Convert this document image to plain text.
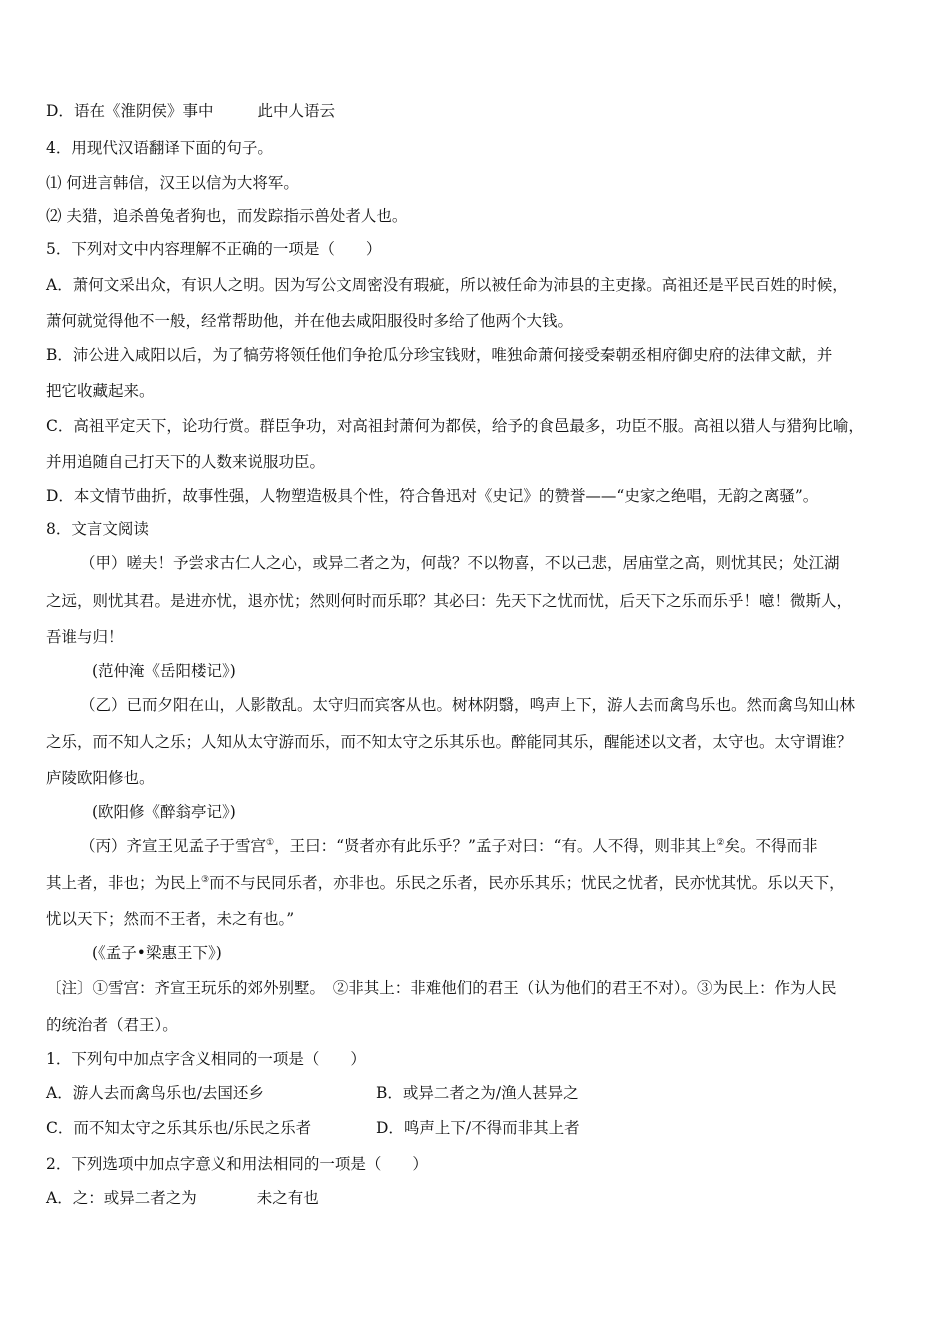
D．语在《淮阴侯》事中	此中人语云
4．用现代汉语翻译下面的句子。
⑴ 何进言韩信，汉王以信为大将军。
⑵ 夫猎，追杀兽兔者狗也，而发踪指示兽处者人也。
5．下列对文中内容理解不正确的一项是（　　）
A．萧何文采出众，有识人之明。因为写公文周密没有瑕疵，所以被任命为沛县的主吏掾。高祖还是平民百姓的时候，
萧何就觉得他不一般，经常帮助他，并在他去咸阳服役时多给了他两个大钱。
B．沛公进入咸阳以后，为了犒劳将领任他们争抢瓜分珍宝钱财，唯独命萧何接受秦朝丞相府御史府的法律文献，并
把它收藏起来。
C．高祖平定天下，论功行赏。群臣争功，对高祖封萧何为都侯，给予的食邑最多，功臣不服。高祖以猎人与猎狗比喻，
并用追随自己打天下的人数来说服功臣。
D．本文情节曲折，故事性强，人物塑造极具个性，符合鲁迅对《史记》的赞誉——“史家之绝唱，无韵之离骚”。
8．文言文阅读
（甲）嗟夫！予尝求古仁人之心，或异二者之为，何哉？不以物喜，不以己悲，居庙堂之高，则忧其民；处江湖
之远，则忧其君。是进亦忧，退亦忧；然则何时而乐耶？其必曰：先天下之忧而忧，后天下之乐而乐乎！噫！微斯人，
吾谁与归！
(范仲淹《岳阳楼记》)
（乙）已而夕阳在山，人影散乱。太守归而宾客从也。树林阴翳，鸣声上下，游人去而禽鸟乐也。然而禽鸟知山林
之乐，而不知人之乐；人知从太守游而乐，而不知太守之乐其乐也。醉能同其乐，醒能述以文者，太守也。太守谓谁？
庐陵欧阳修也。
(欧阳修《醉翁亭记》)
（丙）齐宣王见孟子于雪宫①，王曰：“贤者亦有此乐乎？”孟子对曰：“有。人不得，则非其上②矣。不得而非
其上者，非也；为民上③而不与民同乐者，亦非也。乐民之乐者，民亦乐其乐；忧民之忧者，民亦忧其忧。乐以天下，
忧以天下；然而不王者，未之有也。”
(《孟子•梁惠王下》)
〔注〕①雪宫：齐宣王玩乐的郊外别墅。　②非其上：非难他们的君王（认为他们的君王不对）。③为民上：作为人民
的统治者（君王）。
1．下列句中加点字含义相同的一项是（　　）
A．游人去而禽鸟乐也/去国还乡	B．或异二者之为/渔人甚异之
C．而不知太守之乐其乐也/乐民之乐者	D．鸣声上下/不得而非其上者
2．下列选项中加点字意义和用法相同的一项是（　　）
A．之：或异二者之为	未之有也
